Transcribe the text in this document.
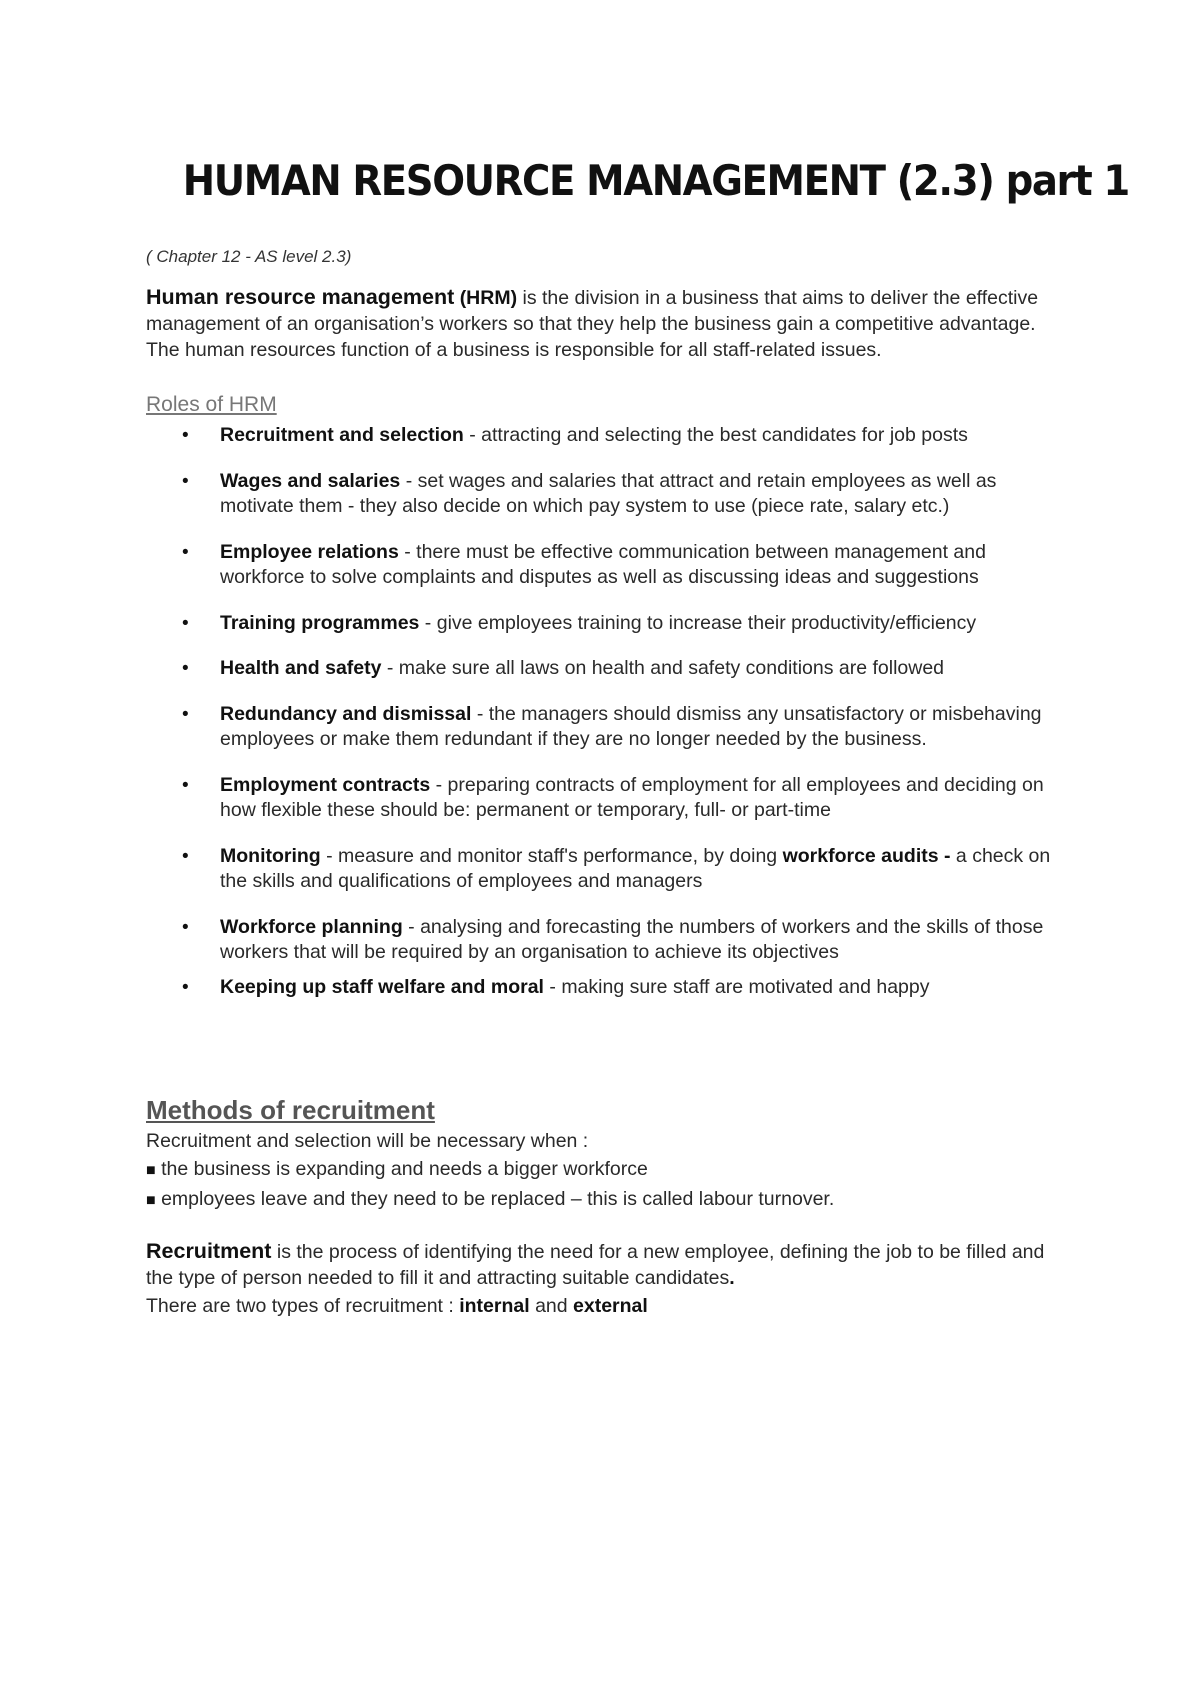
HUMAN RESOURCE MANAGEMENT (2.3) part 1

( Chapter 12 - AS level 2.3)

Human resource management (HRM) is the division in a business that aims to deliver the effective management of an organisation’s workers so that they help the business gain a competitive advantage. The human resources function of a business is responsible for all staff-related issues.

Roles of HRM

• Recruitment and selection - attracting and selecting the best candidates for job posts
• Wages and salaries - set wages and salaries that attract and retain employees as well as motivate them - they also decide on which pay system to use (piece rate, salary etc.)
• Employee relations - there must be effective communication between management and workforce to solve complaints and disputes as well as discussing ideas and suggestions
• Training programmes - give employees training to increase their productivity/efficiency
• Health and safety - make sure all laws on health and safety conditions are followed
• Redundancy and dismissal - the managers should dismiss any unsatisfactory or misbehaving employees or make them redundant if they are no longer needed by the business.
• Employment contracts - preparing contracts of employment for all employees and deciding on how flexible these should be: permanent or temporary, full- or part-time
• Monitoring - measure and monitor staff's performance, by doing workforce audits - a check on the skills and qualifications of employees and managers
• Workforce planning - analysing and forecasting the numbers of workers and the skills of those workers that will be required by an organisation to achieve its objectives
• Keeping up staff welfare and moral - making sure staff are motivated and happy

Methods of recruitment

Recruitment and selection will be necessary when :

■ the business is expanding and needs a bigger workforce

■ employees leave and they need to be replaced – this is called labour turnover.

Recruitment is the process of identifying the need for a new employee, defining the job to be filled and the type of person needed to fill it and attracting suitable candidates.

There are two types of recruitment : internal and external
